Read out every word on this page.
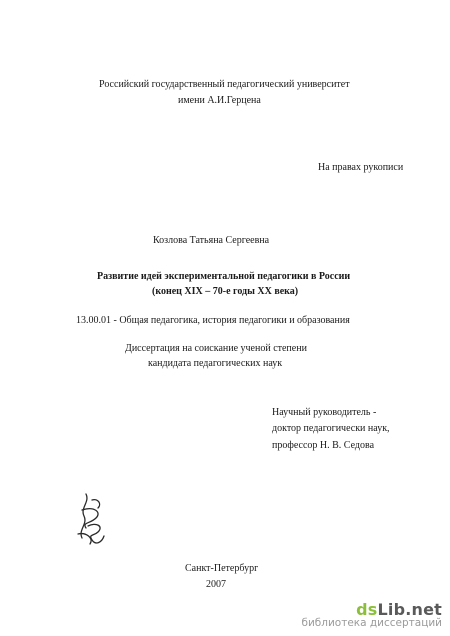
Российский государственный педагогический университет
имени А.И.Герцена
На правах рукописи
Козлова Татьяна Сергеевна
Развитие идей экспериментальной педагогики в России
(конец XIX – 70-е годы XX века)
13.00.01 - Общая педагогика, история педагогики и образования
Диссертация на соискание ученой степени
кандидата педагогических наук
Научный руководитель -
доктор педагогически наук,
профессор Н. В. Седова
Санкт-Петербург
2007
dsLib.net
библиотека диссертаций
